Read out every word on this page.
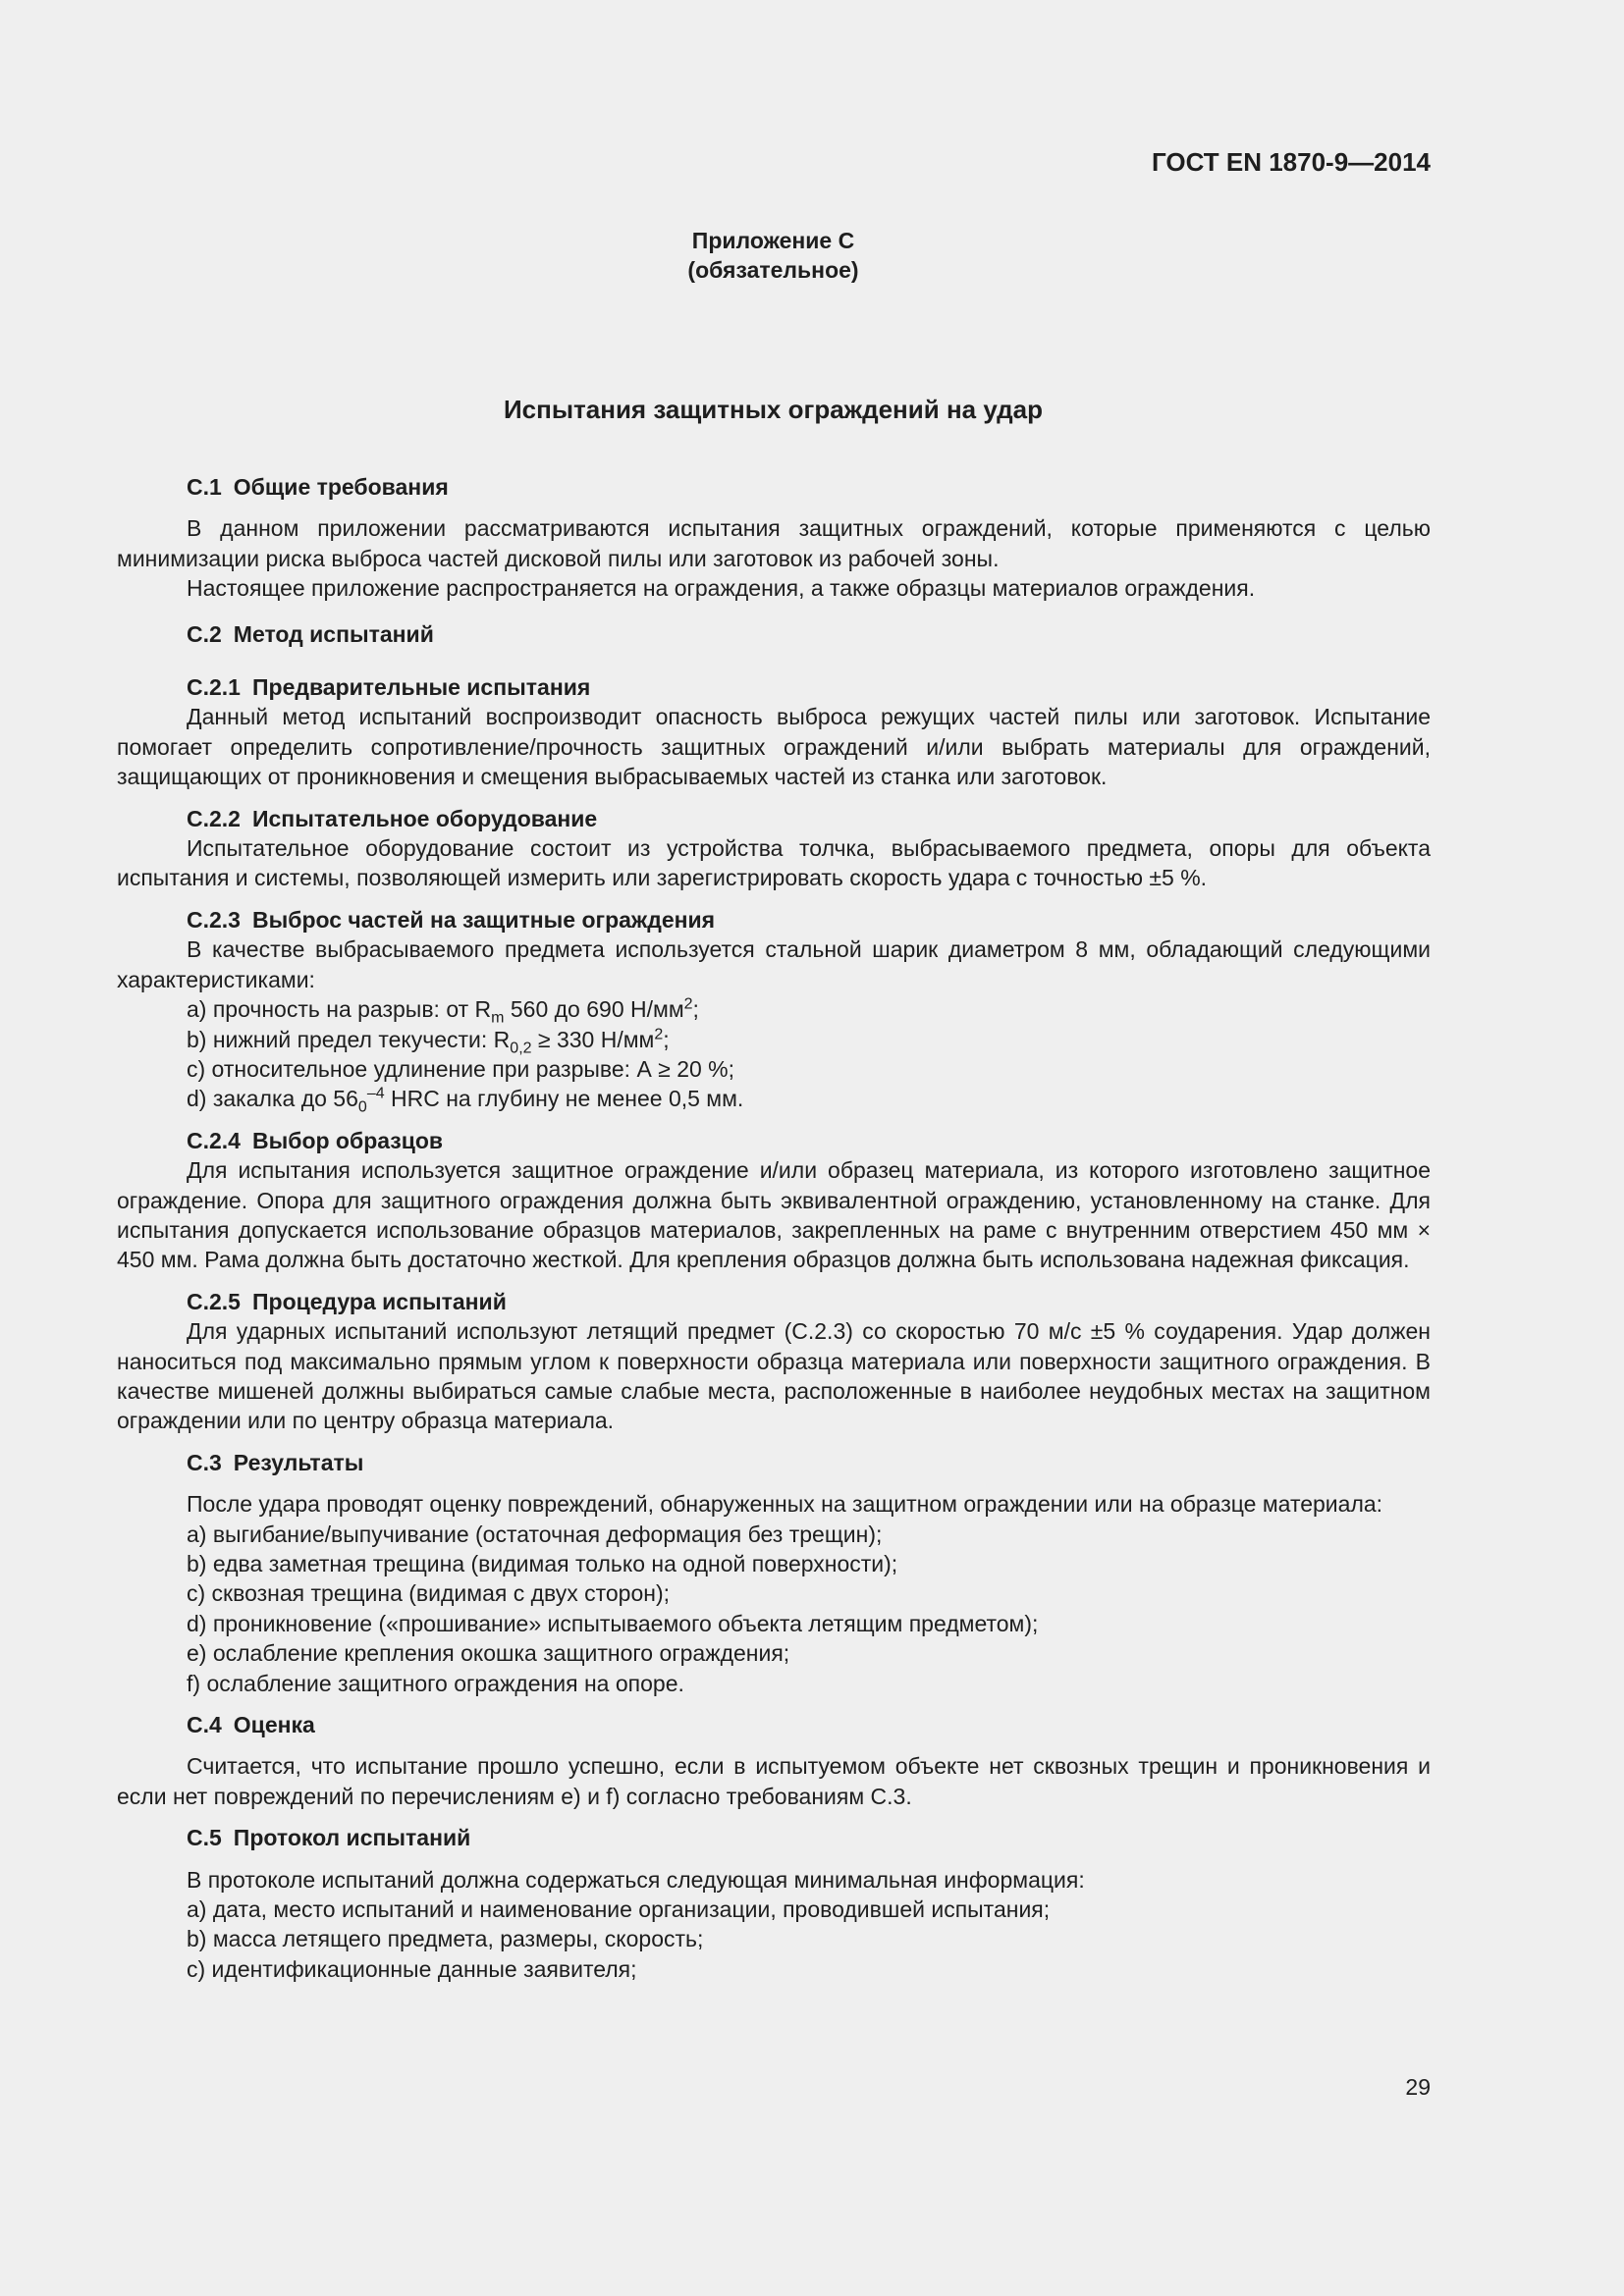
ГОСТ EN 1870-9—2014
Приложение С
(обязательное)
Испытания защитных ограждений на удар
С.1 Общие требования
В данном приложении рассматриваются испытания защитных ограждений, которые применяются с целью минимизации риска выброса частей дисковой пилы или заготовок из рабочей зоны.
Настоящее приложение распространяется на ограждения, а также образцы материалов ограждения.
С.2 Метод испытаний
С.2.1 Предварительные испытания
Данный метод испытаний воспроизводит опасность выброса режущих частей пилы или заготовок. Испытание помогает определить сопротивление/прочность защитных ограждений и/или выбрать материалы для ограждений, защищающих от проникновения и смещения выбрасываемых частей из станка или заготовок.
С.2.2 Испытательное оборудование
Испытательное оборудование состоит из устройства толчка, выбрасываемого предмета, опоры для объекта испытания и системы, позволяющей измерить или зарегистрировать скорость удара с точностью ±5 %.
С.2.3 Выброс частей на защитные ограждения
В качестве выбрасываемого предмета используется стальной шарик диаметром 8 мм, обладающий следующими характеристиками:
а) прочность на разрыв: от $R_m$ 560 до 690 $Н/мм^2$;
b) нижний предел текучести: $R_{0,2} \ge 330$ $Н/мм^2$;
с) относительное удлинение при разрыве: А ≥ 20 %;
d) закалка до $56_0^{-4}$ HRC на глубину не менее 0,5 мм.
С.2.4 Выбор образцов
Для испытания используется защитное ограждение и/или образец материала, из которого изготовлено защитное ограждение. Опора для защитного ограждения должна быть эквивалентной ограждению, установленному на станке. Для испытания допускается использование образцов материалов, закрепленных на раме с внутренним отверстием 450 мм × 450 мм. Рама должна быть достаточно жесткой. Для крепления образцов должна быть использована надежная фиксация.
С.2.5 Процедура испытаний
Для ударных испытаний используют летящий предмет (С.2.3) со скоростью 70 м/с ±5 % соударения. Удар должен наноситься под максимально прямым углом к поверхности образца материала или поверхности защитного ограждения. В качестве мишеней должны выбираться самые слабые места, расположенные в наиболее неудобных местах на защитном ограждении или по центру образца материала.
С.3 Результаты
После удара проводят оценку повреждений, обнаруженных на защитном ограждении или на образце материала:
а) выгибание/выпучивание (остаточная деформация без трещин);
b) едва заметная трещина (видимая только на одной поверхности);
с) сквозная трещина (видимая с двух сторон);
d) проникновение («прошивание» испытываемого объекта летящим предметом);
е) ослабление крепления окошка защитного ограждения;
f) ослабление защитного ограждения на опоре.
С.4 Оценка
Считается, что испытание прошло успешно, если в испытуемом объекте нет сквозных трещин и проникновения и если нет повреждений по перечислениям е) и f) согласно требованиям С.3.
С.5 Протокол испытаний
В протоколе испытаний должна содержаться следующая минимальная информация:
а) дата, место испытаний и наименование организации, проводившей испытания;
b) масса летящего предмета, размеры, скорость;
с) идентификационные данные заявителя;
29
